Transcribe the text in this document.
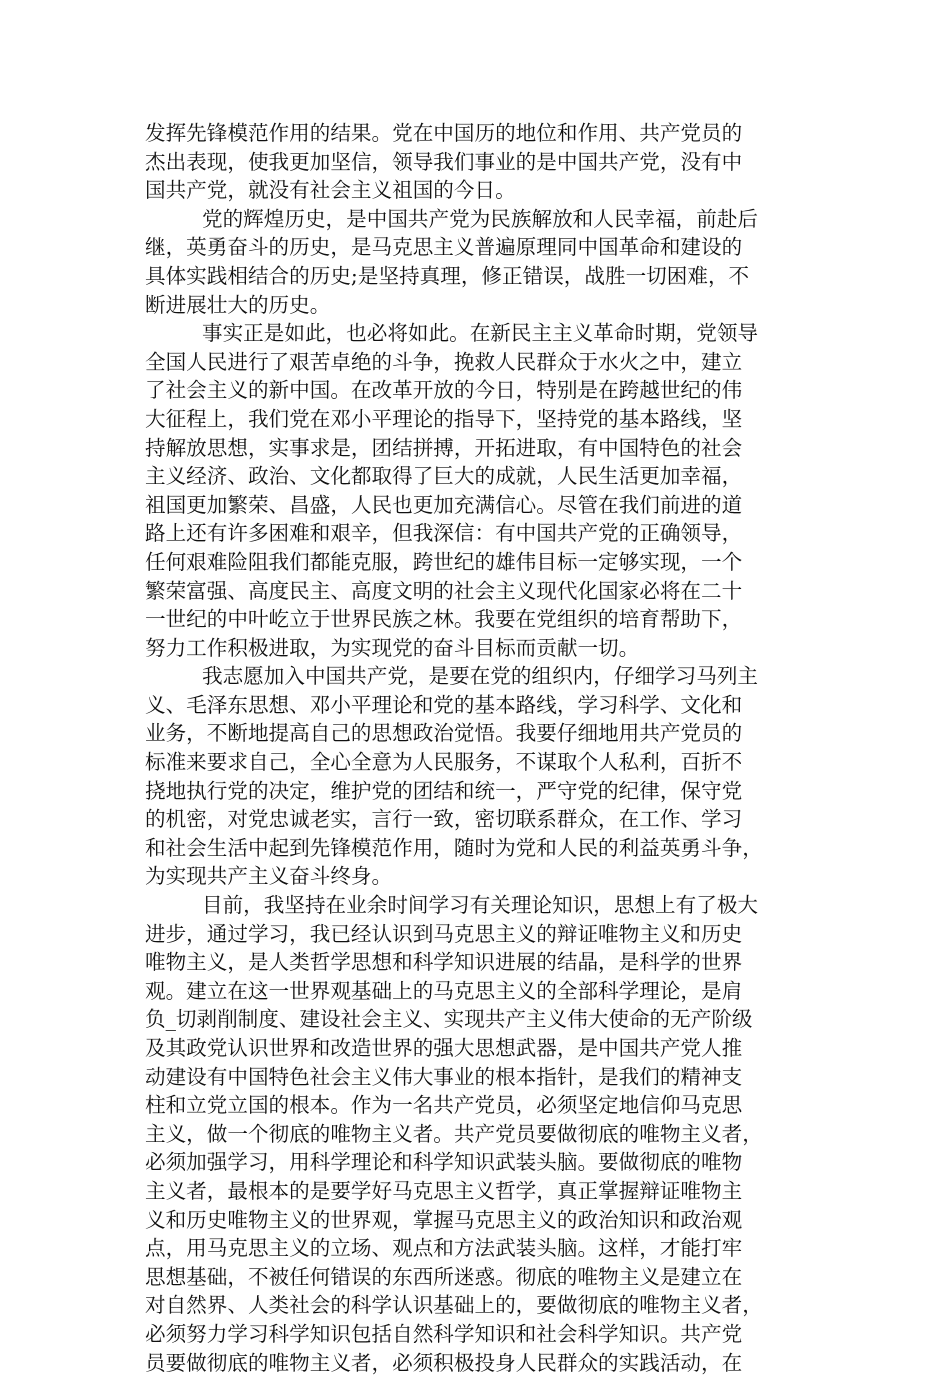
发挥先锋模范作用的结果。党在中国历的地位和作用、共产党员的
杰出表现，使我更加坚信，领导我们事业的是中国共产党，没有中
国共产党，就没有社会主义祖国的今日。
党的辉煌历史，是中国共产党为民族解放和人民幸福，前赴后
继，英勇奋斗的历史，是马克思主义普遍原理同中国革命和建设的
具体实践相结合的历史;是坚持真理，修正错误，战胜一切困难，不
断进展壮大的历史。
事实正是如此，也必将如此。在新民主主义革命时期，党领导
全国人民进行了艰苦卓绝的斗争，挽救人民群众于水火之中，建立
了社会主义的新中国。在改革开放的今日，特别是在跨越世纪的伟
大征程上，我们党在邓小平理论的指导下，坚持党的基本路线，坚
持解放思想，实事求是，团结拼搏，开拓进取，有中国特色的社会
主义经济、政治、文化都取得了巨大的成就，人民生活更加幸福，
祖国更加繁荣、昌盛，人民也更加充满信心。尽管在我们前进的道
路上还有许多困难和艰辛，但我深信：有中国共产党的正确领导，
任何艰难险阻我们都能克服，跨世纪的雄伟目标一定够实现，一个
繁荣富强、高度民主、高度文明的社会主义现代化国家必将在二十
一世纪的中叶屹立于世界民族之林。我要在党组织的培育帮助下，
努力工作积极进取，为实现党的奋斗目标而贡献一切。
我志愿加入中国共产党，是要在党的组织内，仔细学习马列主
义、毛泽东思想、邓小平理论和党的基本路线，学习科学、文化和
业务，不断地提高自己的思想政治觉悟。我要仔细地用共产党员的
标准来要求自己，全心全意为人民服务，不谋取个人私利，百折不
挠地执行党的决定，维护党的团结和统一，严守党的纪律，保守党
的机密，对党忠诚老实，言行一致，密切联系群众，在工作、学习
和社会生活中起到先锋模范作用，随时为党和人民的利益英勇斗争，
为实现共产主义奋斗终身。
目前，我坚持在业余时间学习有关理论知识，思想上有了极大
进步，通过学习，我已经认识到马克思主义的辩证唯物主义和历史
唯物主义，是人类哲学思想和科学知识进展的结晶，是科学的世界
观。建立在这一世界观基础上的马克思主义的全部科学理论，是肩
负_切剥削制度、建设社会主义、实现共产主义伟大使命的无产阶级
及其政党认识世界和改造世界的强大思想武器，是中国共产党人推
动建设有中国特色社会主义伟大事业的根本指针，是我们的精神支
柱和立党立国的根本。作为一名共产党员，必须坚定地信仰马克思
主义，做一个彻底的唯物主义者。共产党员要做彻底的唯物主义者，
必须加强学习，用科学理论和科学知识武装头脑。要做彻底的唯物
主义者，最根本的是要学好马克思主义哲学，真正掌握辩证唯物主
义和历史唯物主义的世界观，掌握马克思主义的政治知识和政治观
点，用马克思主义的立场、观点和方法武装头脑。这样，才能打牢
思想基础，不被任何错误的东西所迷惑。彻底的唯物主义是建立在
对自然界、人类社会的科学认识基础上的，要做彻底的唯物主义者，
必须努力学习科学知识包括自然科学知识和社会科学知识。共产党
员要做彻底的唯物主义者，必须积极投身人民群众的实践活动，在
